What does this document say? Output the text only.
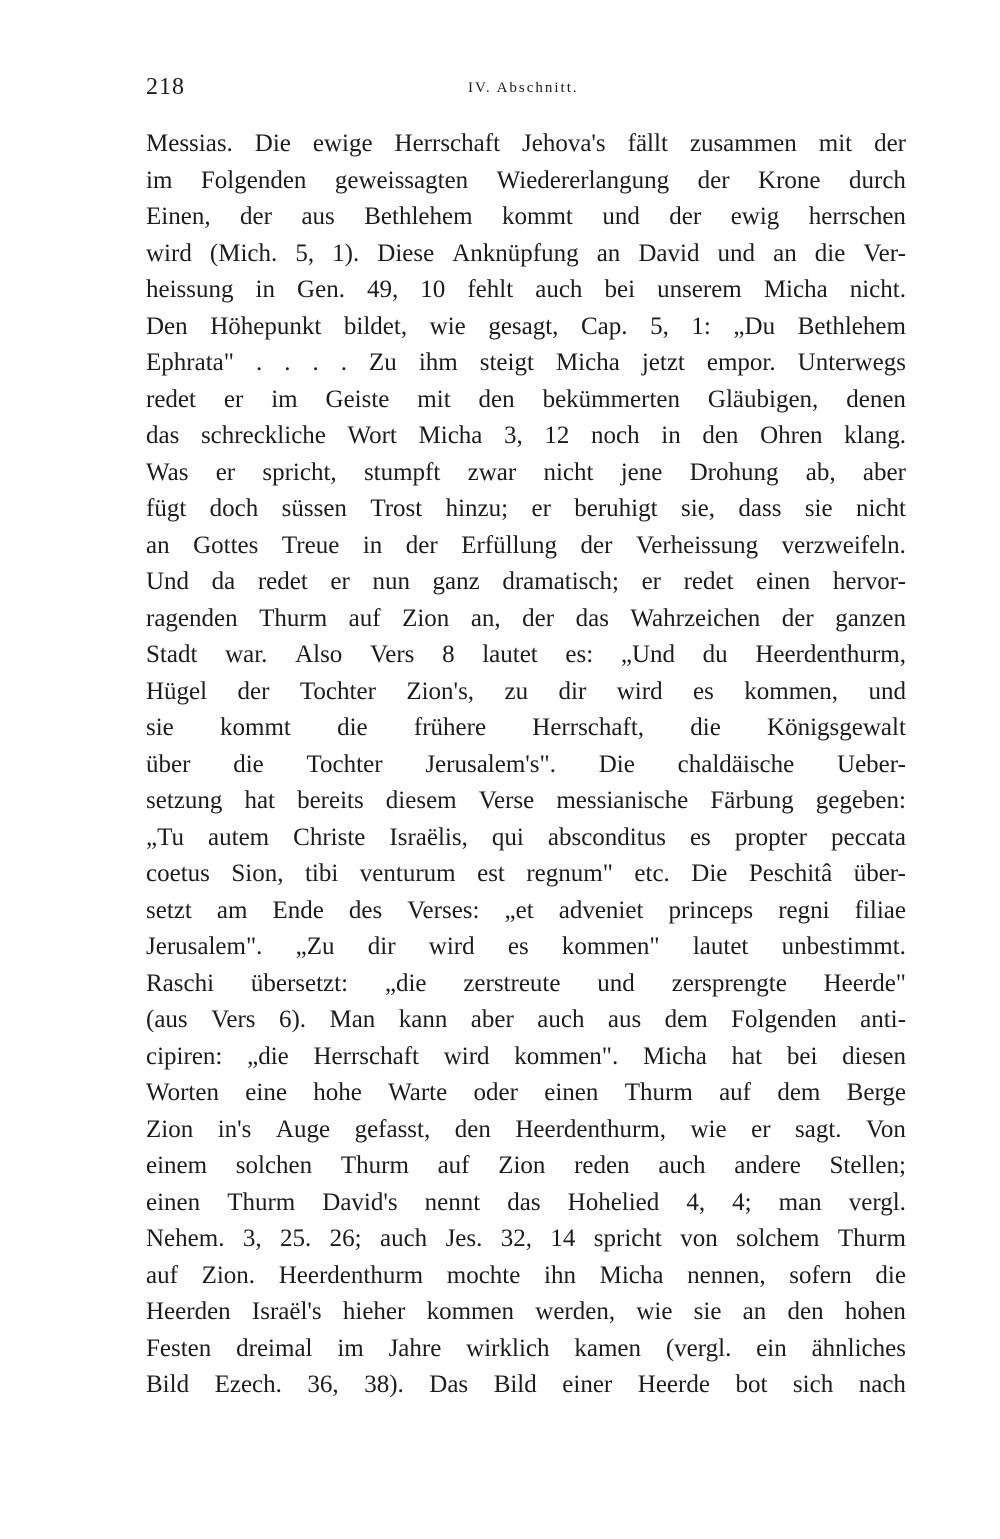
218	IV. Abschnitt.
Messias. Die ewige Herrschaft Jehova's fällt zusammen mit der
im Folgenden geweissagten Wiedererlangung der Krone durch
Einen, der aus Bethlehem kommt und der ewig herrschen
wird (Mich. 5, 1). Diese Anknüpfung an David und an die Ver-
heissung in Gen. 49, 10 fehlt auch bei unserem Micha nicht.
Den Höhepunkt bildet, wie gesagt, Cap. 5, 1: „Du Bethlehem
Ephrata" . . . . Zu ihm steigt Micha jetzt empor. Unterwegs
redet er im Geiste mit den bekümmerten Gläubigen, denen
das schreckliche Wort Micha 3, 12 noch in den Ohren klang.
Was er spricht, stumpft zwar nicht jene Drohung ab, aber
fügt doch süssen Trost hinzu; er beruhigt sie, dass sie nicht
an Gottes Treue in der Erfüllung der Verheissung verzweifeln.
Und da redet er nun ganz dramatisch; er redet einen hervor-
ragenden Thurm auf Zion an, der das Wahrzeichen der ganzen
Stadt war. Also Vers 8 lautet es: „Und du Heerdenthurm,
Hügel der Tochter Zion's, zu dir wird es kommen, und
sie kommt die frühere Herrschaft, die Königsgewalt
über die Tochter Jerusalem's". Die chaldäische Ueber-
setzung hat bereits diesem Verse messianische Färbung gegeben:
„Tu autem Christe Israëlis, qui absconditus es propter peccata
coetus Sion, tibi venturum est regnum" etc. Die Peschitâ über-
setzt am Ende des Verses: „et adveniet princeps regni filiae
Jerusalem". „Zu dir wird es kommen" lautet unbestimmt.
Raschi übersetzt: „die zerstreute und zersprengte Heerde"
(aus Vers 6). Man kann aber auch aus dem Folgenden anti-
cipiren: „die Herrschaft wird kommen". Micha hat bei diesen
Worten eine hohe Warte oder einen Thurm auf dem Berge
Zion in's Auge gefasst, den Heerdenthurm, wie er sagt. Von
einem solchen Thurm auf Zion reden auch andere Stellen;
einen Thurm David's nennt das Hohelied 4, 4; man vergl.
Nehem. 3, 25. 26; auch Jes. 32, 14 spricht von solchem Thurm
auf Zion. Heerdenthurm mochte ihn Micha nennen, sofern die
Heerden Israël's hieher kommen werden, wie sie an den hohen
Festen dreimal im Jahre wirklich kamen (vergl. ein ähnliches
Bild Ezech. 36, 38). Das Bild einer Heerde bot sich nach
